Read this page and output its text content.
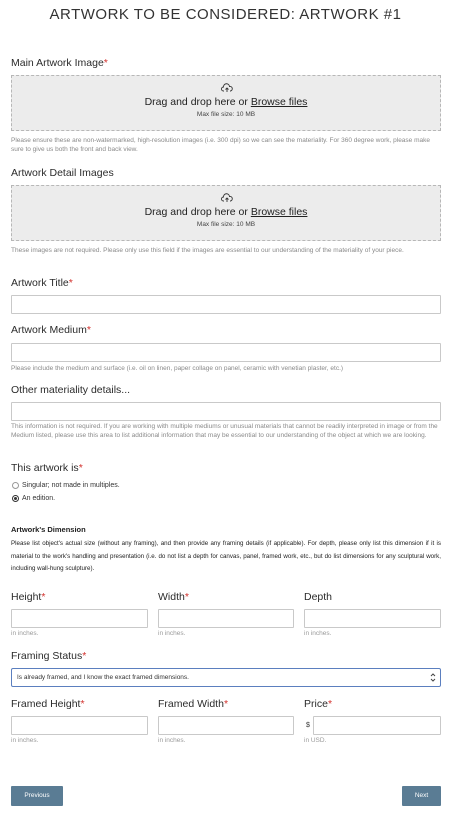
ARTWORK TO BE CONSIDERED: ARTWORK #1
Main Artwork Image*
Drag and drop here or Browse files
Max file size: 10 MB
Please ensure these are non-watermarked, high-resolution images (i.e. 300 dpi) so we can see the materiality. For 360 degree work, please make sure to give us both the front and back view.
Artwork Detail Images
Drag and drop here or Browse files
Max file size: 10 MB
These images are not required. Please only use this field if the images are essential to our understanding of the materiality of your piece.
Artwork Title*
Artwork Medium*
Please include the medium and surface (i.e. oil on linen, paper collage on panel, ceramic with venetian plaster, etc.)
Other materiality details...
This information is not required. If you are working with multiple mediums or unusual materials that cannot be readily interpreted in image or from the Medium listed, please use this area to list additional information that may be essential to our understanding of the object at which we are looking.
This artwork is*
Singular; not made in multiples.
An edition.
Artwork's Dimension
Please list object's actual size (without any framing), and then provide any framing details (if applicable). For depth, please only list this dimension if it is material to the work's handling and presentation (i.e. do not list a depth for canvas, panel, framed work, etc., but do list dimensions for any sculptural work, including wall-hung sculpture).
Height*
in inches.
Width*
in inches.
Depth
in inches.
Framing Status*
Is already framed, and I know the exact framed dimensions.
Framed Height*
in inches.
Framed Width*
in inches.
Price*
$
in USD.
Previous	Next
